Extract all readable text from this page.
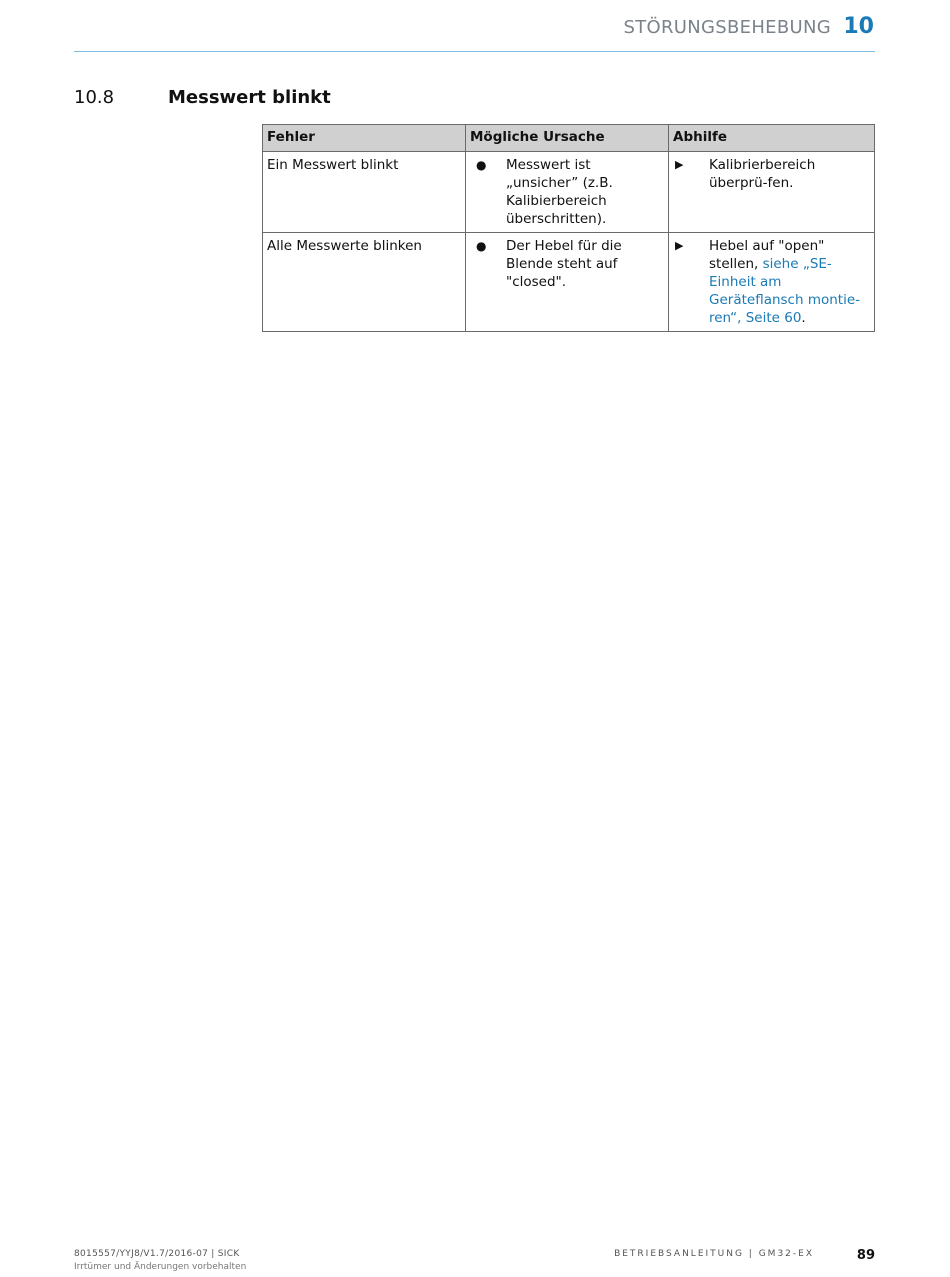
STÖRUNGSBEHEBUNG 10
10.8	Messwert blinkt
Fehler	Mögliche Ursache	Abhilfe
Ein Messwert blinkt	● Messwert ist „unsicher” (z.B. Kalibierbereich überschritten).	▶ Kalibrierbereich überprü-fen.

Alle Messwerte blinken	● Der Hebel für die Blende steht auf "closed".	▶ Hebel auf "open" stellen, siehe „SE- Einheit am Geräteflansch montie-ren“, Seite 60.
8015557/YYJ8/V1.7/2016-07 | SICK
Irrtümer und Änderungen vorbehalten
BETRIEBSANLEITUNG | GM32-EX	89
